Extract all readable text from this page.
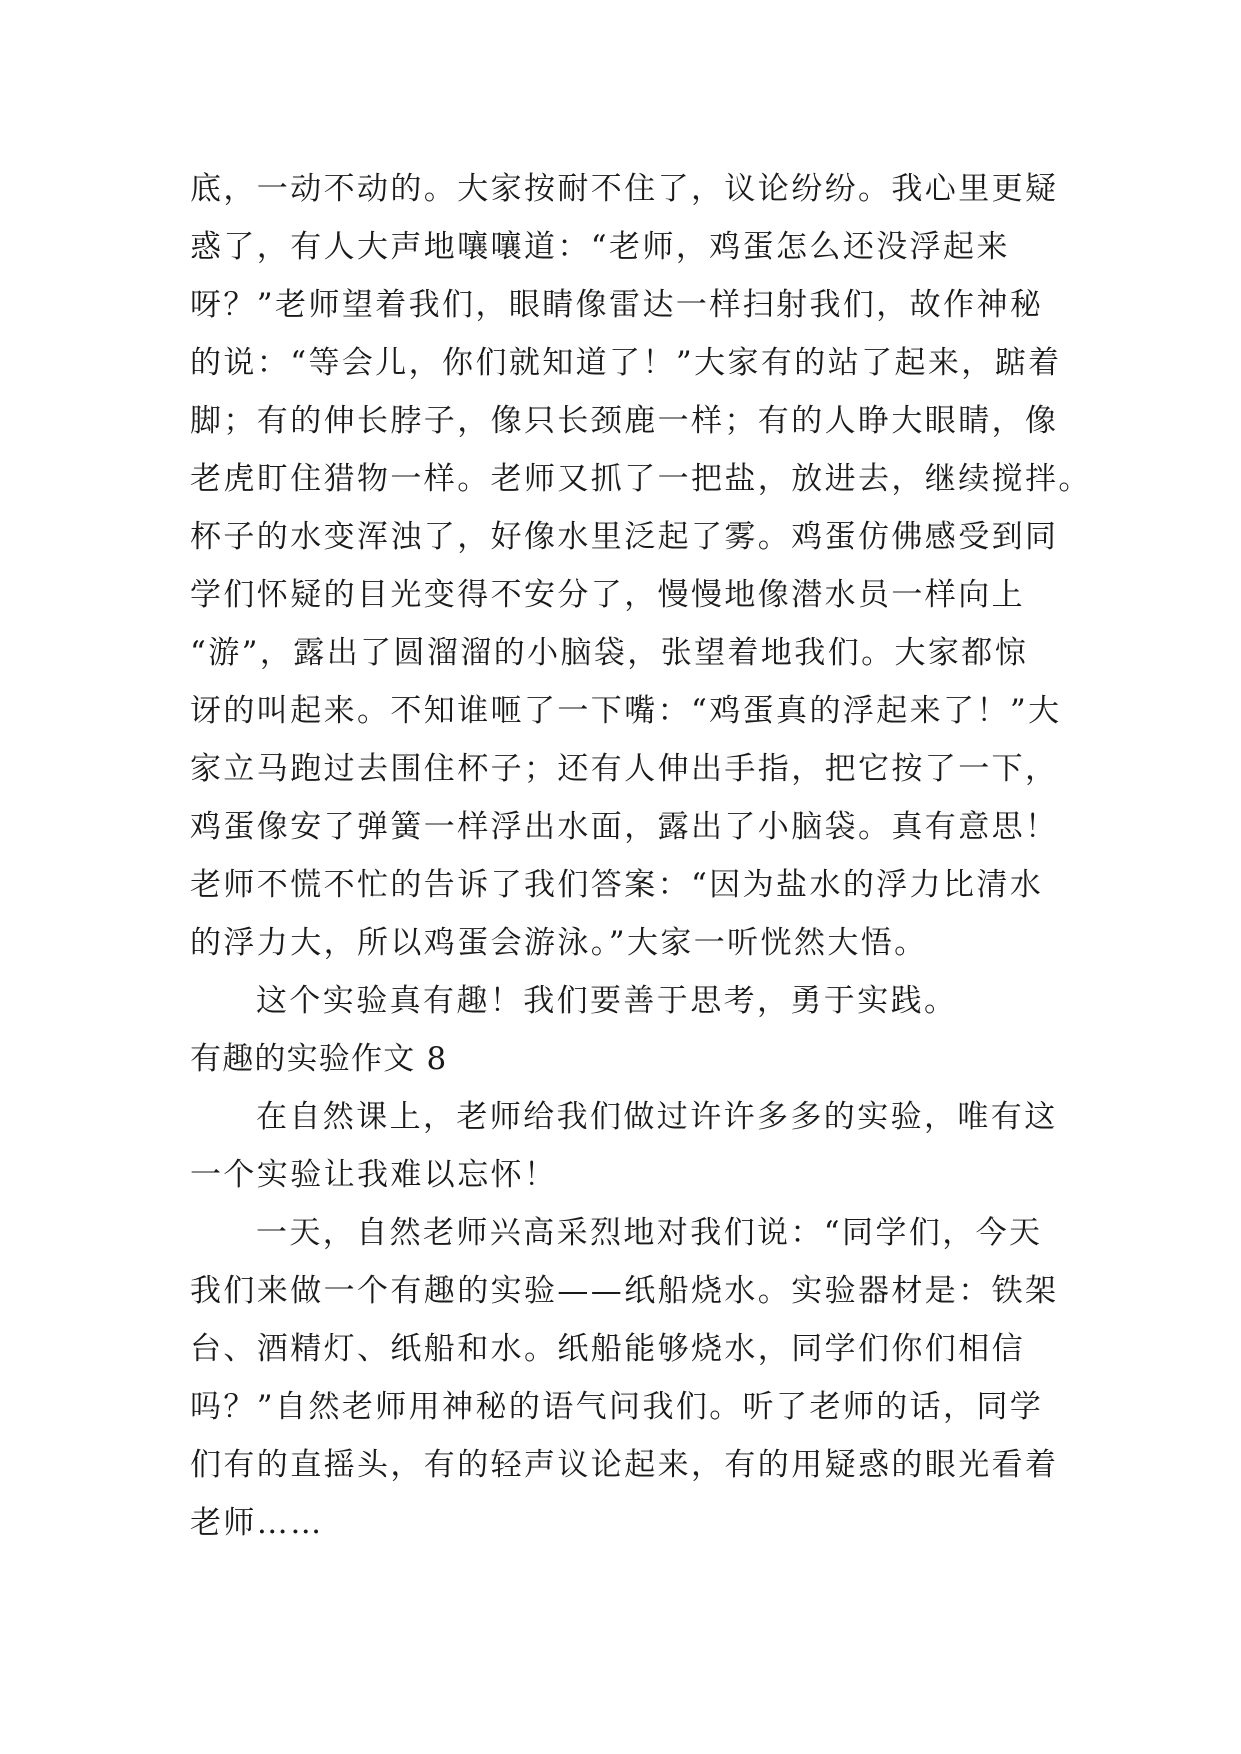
底，一动不动的。大家按耐不住了，议论纷纷。我心里更疑
惑了，有人大声地嚷嚷道：“老师，鸡蛋怎么还没浮起来
呀？”老师望着我们，眼睛像雷达一样扫射我们，故作神秘
的说：“等会儿，你们就知道了！”大家有的站了起来，踮着
脚；有的伸长脖子，像只长颈鹿一样；有的人睁大眼睛，像
老虎盯住猎物一样。老师又抓了一把盐，放进去，继续搅拌。
杯子的水变浑浊了，好像水里泛起了雾。鸡蛋仿佛感受到同
学们怀疑的目光变得不安分了，慢慢地像潜水员一样向上
“游”，露出了圆溜溜的小脑袋，张望着地我们。大家都惊
讶的叫起来。不知谁咂了一下嘴：“鸡蛋真的浮起来了！”大
家立马跑过去围住杯子；还有人伸出手指，把它按了一下，
鸡蛋像安了弹簧一样浮出水面，露出了小脑袋。真有意思！
老师不慌不忙的告诉了我们答案：“因为盐水的浮力比清水
的浮力大，所以鸡蛋会游泳。”大家一听恍然大悟。
这个实验真有趣！我们要善于思考，勇于实践。
有趣的实验作文 8
在自然课上，老师给我们做过许许多多的实验，唯有这
一个实验让我难以忘怀！
一天，自然老师兴高采烈地对我们说：“同学们，今天
我们来做一个有趣的实验——纸船烧水。实验器材是：铁架
台、酒精灯、纸船和水。纸船能够烧水，同学们你们相信
吗？”自然老师用神秘的语气问我们。听了老师的话，同学
们有的直摇头，有的轻声议论起来，有的用疑惑的眼光看着
老师……
